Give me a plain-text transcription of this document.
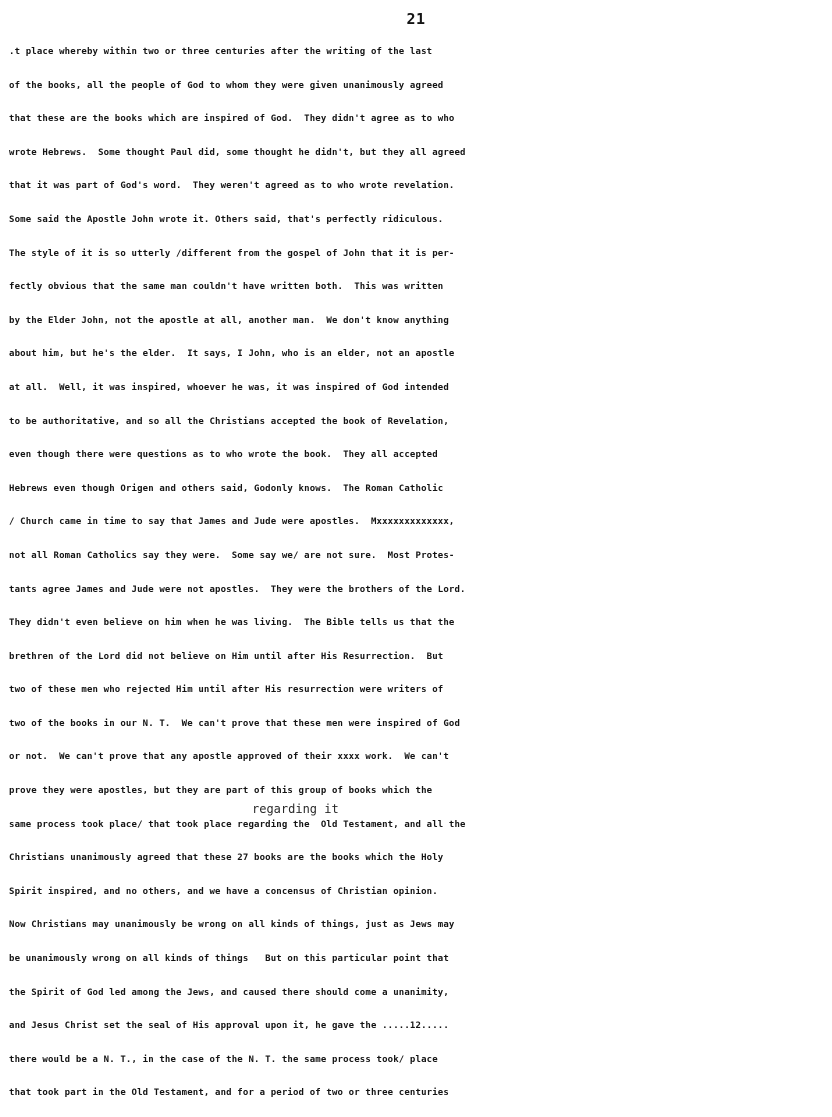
21
regarding it
.t place whereby within two or three centuries after the writing of the last
of the books, all the people of God to whom they were given unanimously agreed
that these are the books which are inspired of God.  They didn't agree as to who
wrote Hebrews.  Some thought Paul did, some thought he didn't, but they all agreed
that it was part of God's word.  They weren't agreed as to who wrote revelation.
Some said the Apostle John wrote it. Others said, that's perfectly ridiculous.
The style of it is so utterly /different from the gospel of John that it is per-
fectly obvious that the same man couldn't have written both.  This was written
by the Elder John, not the apostle at all, another man.  We don't know anything
about him, but he's the elder.  It says, I John, who is an elder, not an apostle
at all.  Well, it was inspired, whoever he was, it was inspired of God intended
to be authoritative, and so all the Christians accepted the book of Revelation,
even though there were questions as to who wrote the book.  They all accepted
Hebrews even though Origen and others said, Godonly knows.  The Roman Catholic
/ Church came in time to say that James and Jude were apostles.  Mxxxxxxxxxxxxx,
not all Roman Catholics say they were.  Some say we/ are not sure.  Most Protes-
tants agree James and Jude were not apostles.  They were the brothers of the Lord.
They didn't even believe on him when he was living.  The Bible tells us that the
brethren of the Lord did not believe on Him until after His Resurrection.  But
two of these men who rejected Him until after His resurrection were writers of
two of the books in our N. T.  We can't prove that these men were inspired of God
or not.  We can't prove that any apostle approved of their xxxx work.  We can't
prove they were apostles, but they are part of this group of books which the
same process took place/ that took place regarding the  Old Testament, and all the
Christians unanimously agreed that these 27 books are the books which the Holy
Spirit inspired, and no others, and we have a concensus of Christian opinion.
Now Christians may unanimously be wrong on all kinds of things, just as Jews may
be unanimously wrong on all kinds of things   But on this particular point that
the Spirit of God led among the Jews, and caused there should come a unanimity,
and Jesus Christ set the seal of His approval upon it, he gave the .....12.....
there would be a N. T., in the case of the N. T. the same process took/ place
that took part in the Old Testament, and for a period of two or three centuries
